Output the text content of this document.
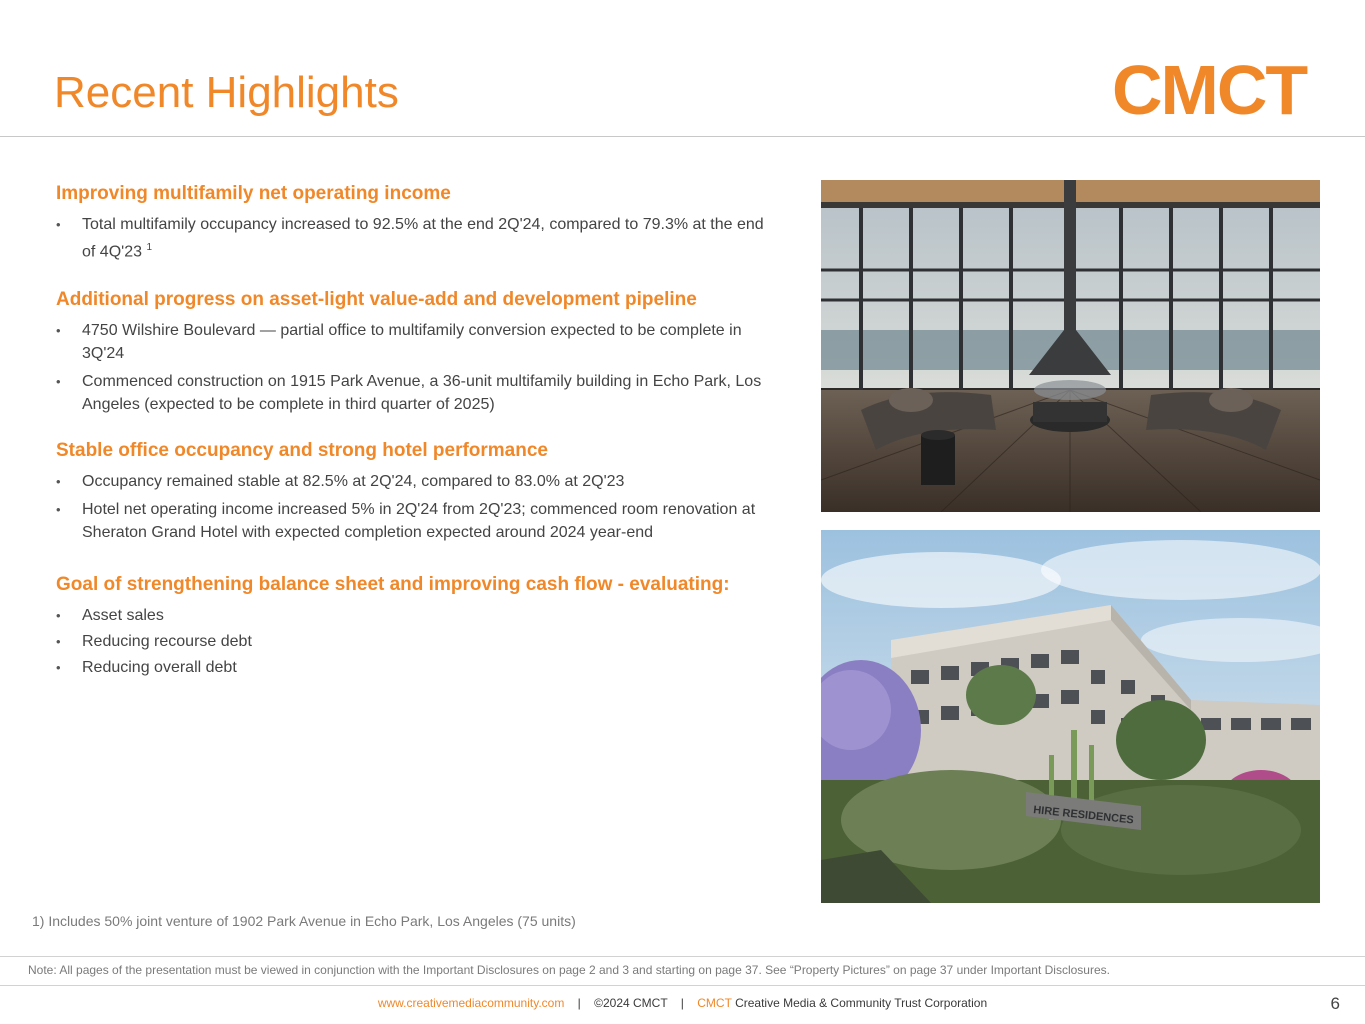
Recent Highlights	CMCT
Improving multifamily net operating income
• Total multifamily occupancy increased to 92.5% at the end 2Q'24, compared to 79.3% at the end of 4Q'23 $^1$
Additional progress on asset-light value-add and development pipeline
• 4750 Wilshire Boulevard — partial office to multifamily conversion expected to be complete in 3Q'24
• Commenced construction on 1915 Park Avenue, a 36-unit multifamily building in Echo Park, Los Angeles (expected to be complete in third quarter of 2025)
Stable office occupancy and strong hotel performance
• Occupancy remained stable at 82.5% at 2Q'24, compared to 83.0% at 2Q'23
• Hotel net operating income increased 5% in 2Q'24 from 2Q'23; commenced room renovation at Sheraton Grand Hotel with expected completion expected around 2024 year-end
Goal of strengthening balance sheet and improving cash flow - evaluating:
• Asset sales
• Reducing recourse debt
• Reducing overall debt
HIRE RESIDENCES
1) Includes 50% joint venture of 1902 Park Avenue in Echo Park, Los Angeles (75 units)
Note: All pages of the presentation must be viewed in conjunction with the Important Disclosures on page 2 and 3 and starting on page 37. See “Property Pictures” on page 37 under Important Disclosures.
www.creativemediacommunity.com | ©2024 CMCT | CMCT Creative Media & Community Trust Corporation	6
